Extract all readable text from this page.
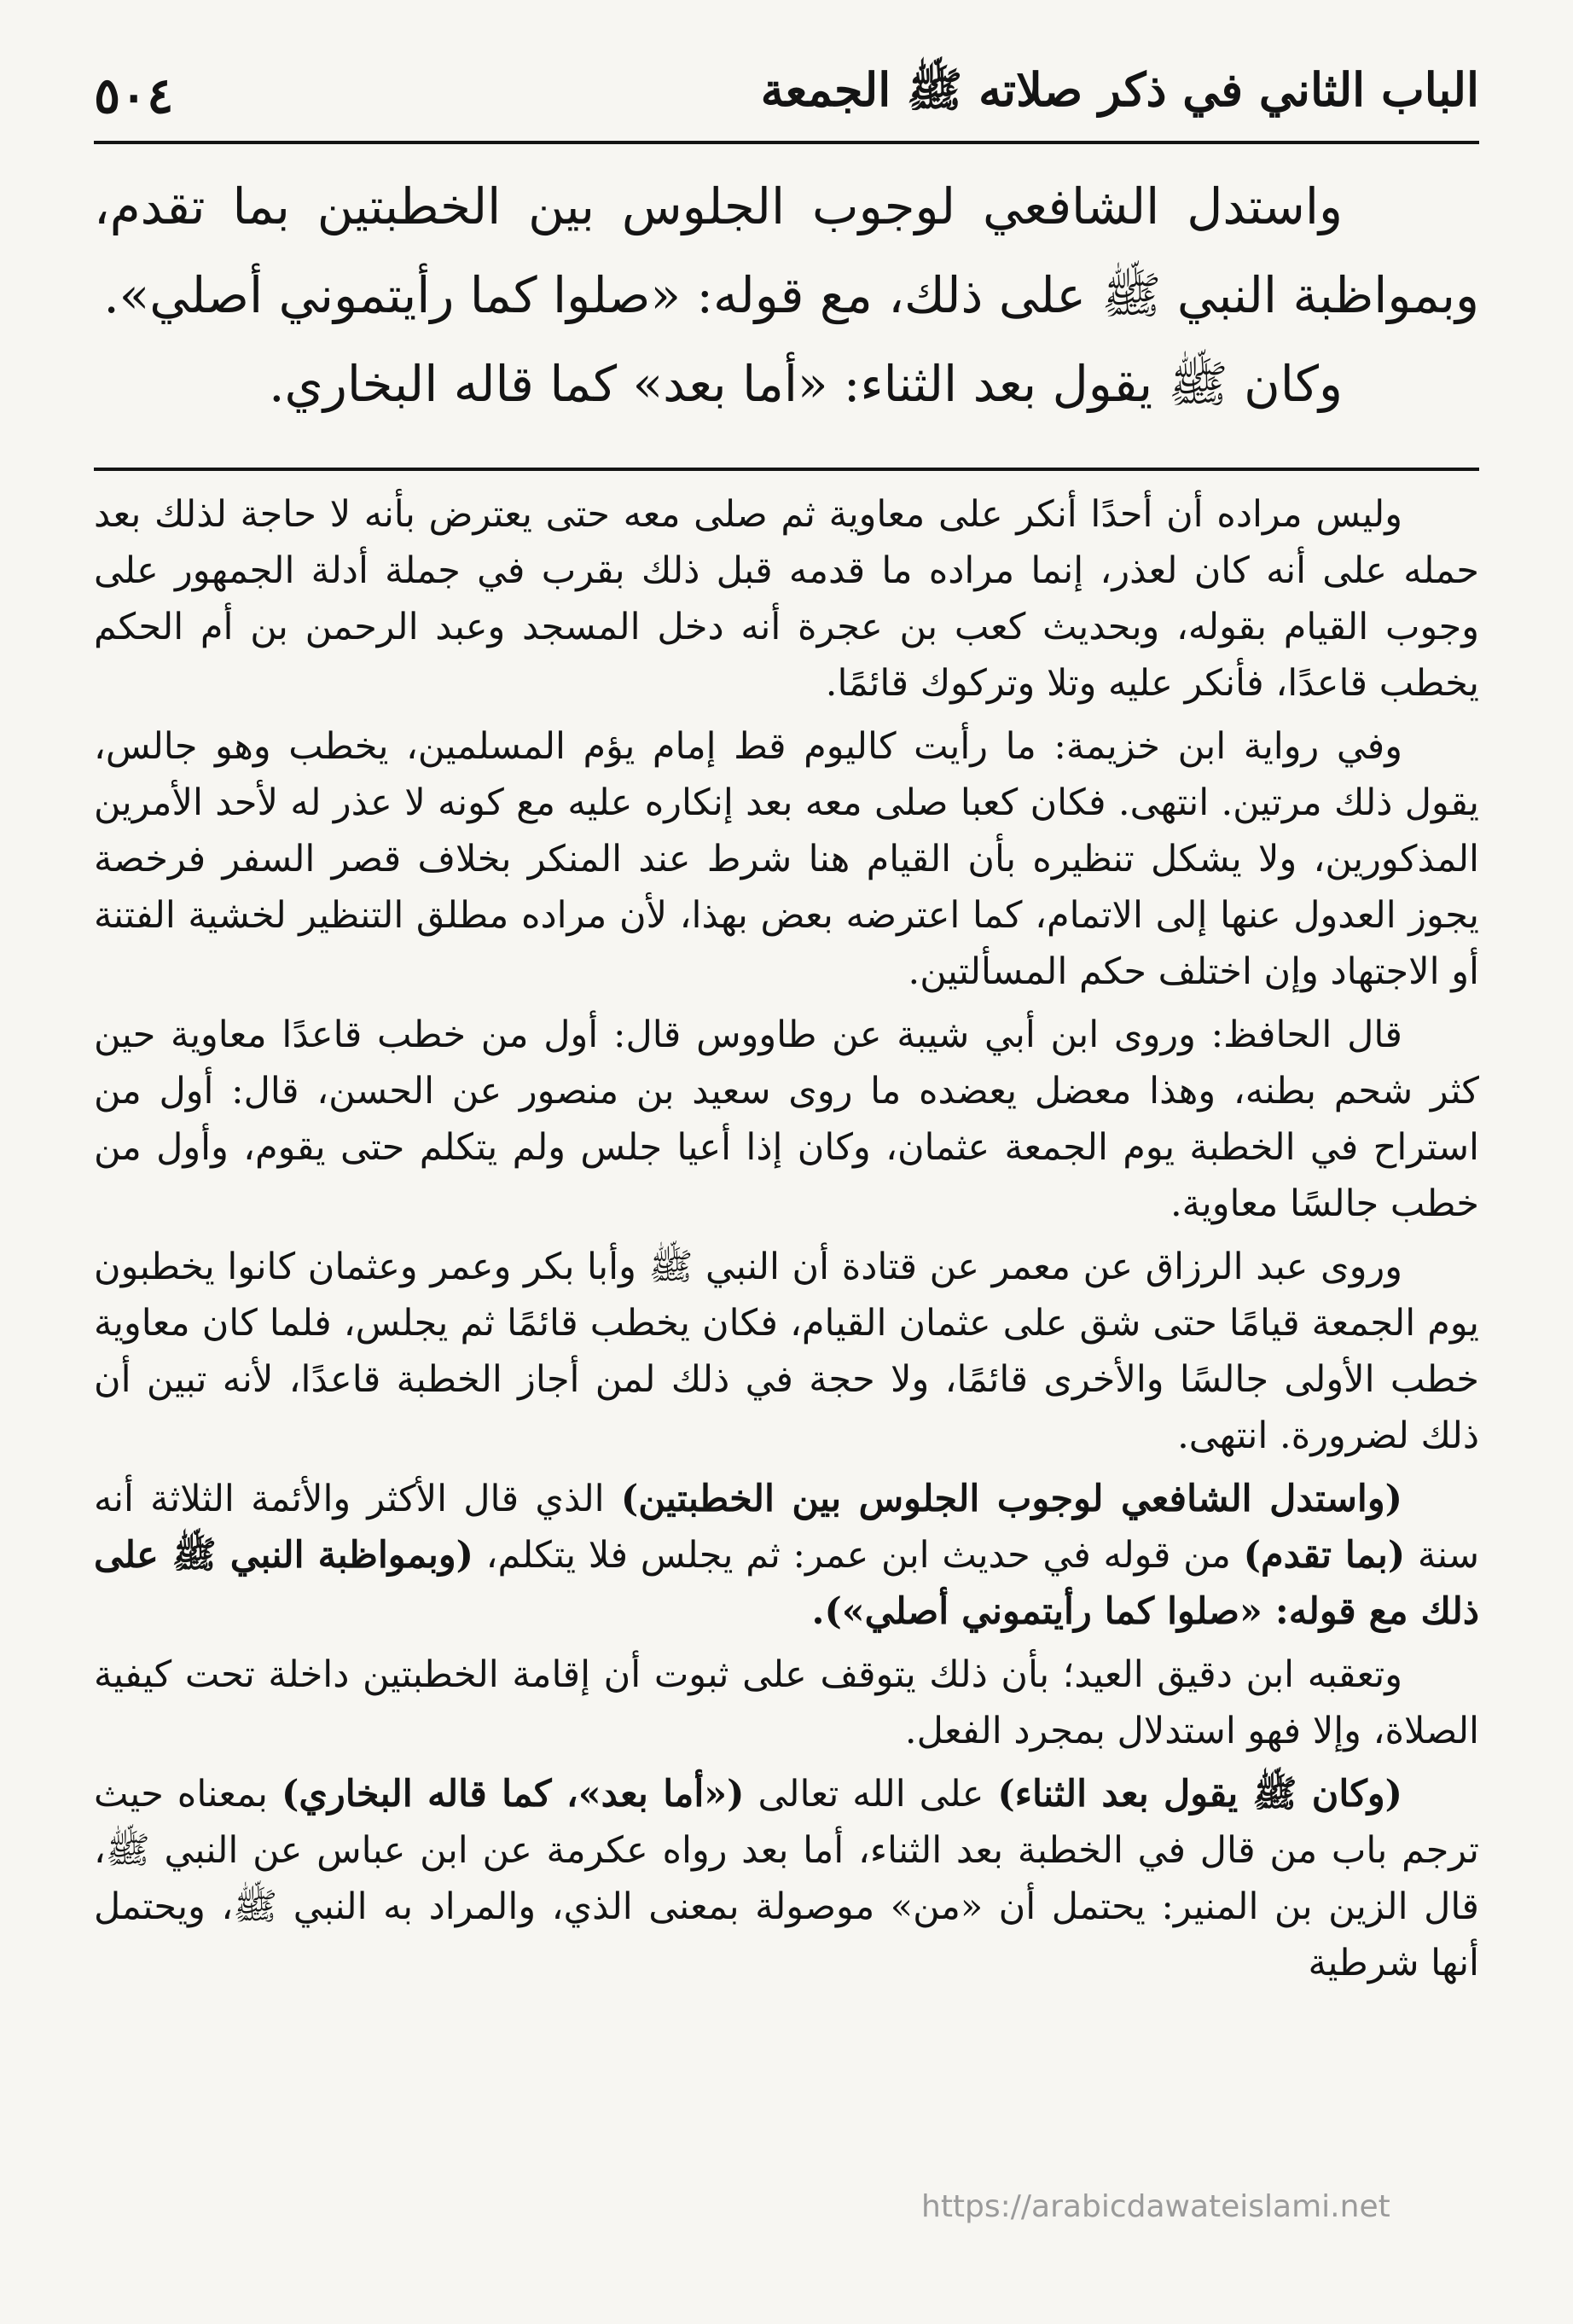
الباب الثاني في ذكر صلاته ﷺ الجمعة
٥٠٤

واستدل الشافعي لوجوب الجلوس بين الخطبتين بما تقدم، وبمواظبة النبي ﷺ على ذلك، مع قوله: «صلوا كما رأيتموني أصلي».

وكان ﷺ يقول بعد الثناء: «أما بعد» كما قاله البخاري.

وليس مراده أن أحدًا أنكر على معاوية ثم صلى معه حتى يعترض بأنه لا حاجة لذلك بعد حمله على أنه كان لعذر، إنما مراده ما قدمه قبل ذلك بقرب في جملة أدلة الجمهور على وجوب القيام بقوله، وبحديث كعب بن عجرة أنه دخل المسجد وعبد الرحمن بن أم الحكم يخطب قاعدًا، فأنكر عليه وتلا وتركوك قائمًا.

وفي رواية ابن خزيمة: ما رأيت كاليوم قط إمام يؤم المسلمين، يخطب وهو جالس، يقول ذلك مرتين. انتهى. فكان كعبا صلى معه بعد إنكاره عليه مع كونه لا عذر له لأحد الأمرين المذكورين، ولا يشكل تنظيره بأن القيام هنا شرط عند المنكر بخلاف قصر السفر فرخصة يجوز العدول عنها إلى الاتمام، كما اعترضه بعض بهذا، لأن مراده مطلق التنظير لخشية الفتنة أو الاجتهاد وإن اختلف حكم المسألتين.

قال الحافظ: وروى ابن أبي شيبة عن طاووس قال: أول من خطب قاعدًا معاوية حين كثر شحم بطنه، وهذا معضل يعضده ما روى سعيد بن منصور عن الحسن، قال: أول من استراح في الخطبة يوم الجمعة عثمان، وكان إذا أعيا جلس ولم يتكلم حتى يقوم، وأول من خطب جالسًا معاوية.

وروى عبد الرزاق عن معمر عن قتادة أن النبي ﷺ وأبا بكر وعمر وعثمان كانوا يخطبون يوم الجمعة قيامًا حتى شق على عثمان القيام، فكان يخطب قائمًا ثم يجلس، فلما كان معاوية خطب الأولى جالسًا والأخرى قائمًا، ولا حجة في ذلك لمن أجاز الخطبة قاعدًا، لأنه تبين أن ذلك لضرورة. انتهى.

(واستدل الشافعي لوجوب الجلوس بين الخطبتين) الذي قال الأكثر والأئمة الثلاثة أنه سنة (بما تقدم) من قوله في حديث ابن عمر: ثم يجلس فلا يتكلم، (وبمواظبة النبي ﷺ على ذلك مع قوله: «صلوا كما رأيتموني أصلي»).

وتعقبه ابن دقيق العيد؛ بأن ذلك يتوقف على ثبوت أن إقامة الخطبتين داخلة تحت كيفية الصلاة، وإلا فهو استدلال بمجرد الفعل.

(وكان ﷺ يقول بعد الثناء) على الله تعالى («أما بعد»، كما قاله البخاري) بمعناه حيث ترجم باب من قال في الخطبة بعد الثناء، أما بعد رواه عكرمة عن ابن عباس عن النبي ﷺ، قال الزين بن المنير: يحتمل أن «من» موصولة بمعنى الذي، والمراد به النبي ﷺ، ويحتمل أنها شرطية

https://arabicdawateislami.net
